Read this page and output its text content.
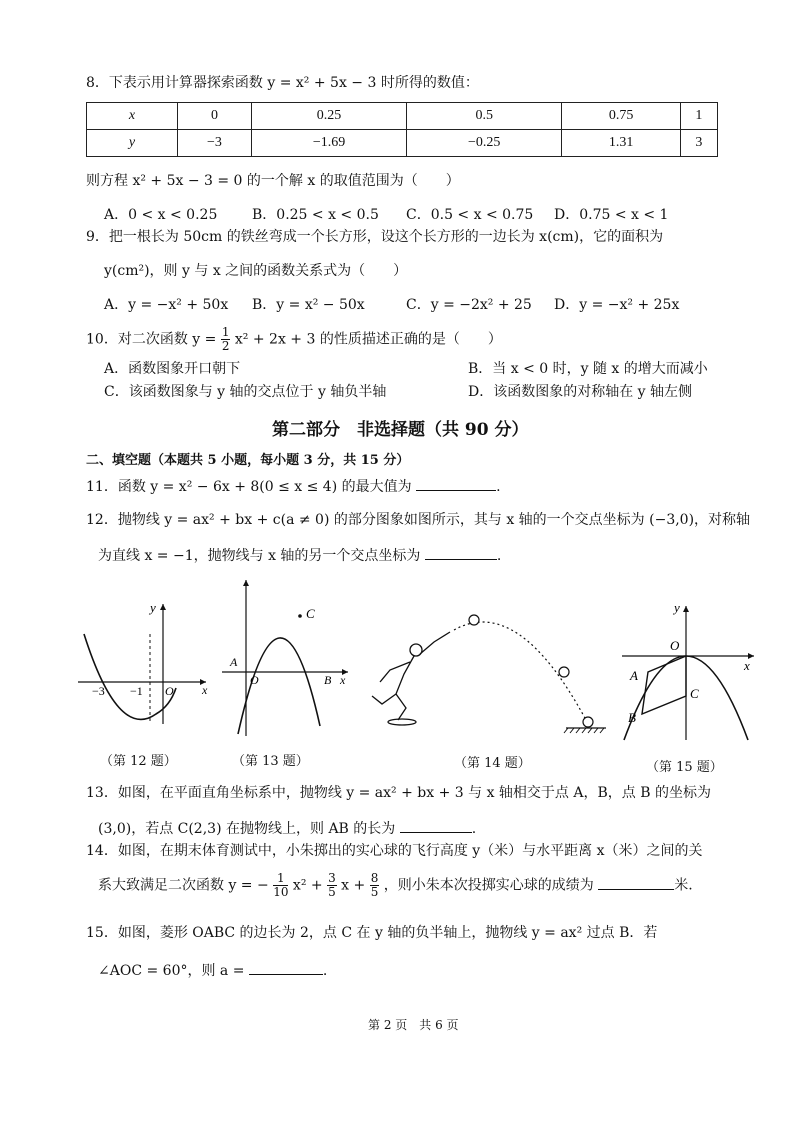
8．下表示用计算器探索函数 y = x² + 5x − 3 时所得的数值：
x	0	0.25	0.5	0.75	1
y	−3	−1.69	−0.25	1.31	3
则方程 x² + 5x − 3 = 0 的一个解 x 的取值范围为（　　）
A．0 < x < 0.25 B．0.25 < x < 0.5 C．0.5 < x < 0.75 D．0.75 < x < 1
9．把一根长为 50cm 的铁丝弯成一个长方形，设这个长方形的一边长为 x(cm)，它的面积为
y(cm²)，则 y 与 x 之间的函数关系式为（　　）
A．y = −x² + 50x B．y = x² − 50x	C．y = −2x² + 25 D．y = −x² + 25x
10．对二次函数 $y = \frac{1}{2} x^2 + 2x + 3$ 的性质描述正确的是（　　）
A．函数图象开口朝下	B．当 x < 0 时，y 随 x 的增大而减小
C．该函数图象与 y 轴的交点位于 y 轴负半轴	D．该函数图象的对称轴在 y 轴左侧
第二部分　非选择题（共 90 分）
二、填空题（本题共 5 小题，每小题 3 分，共 15 分）
11．函数 y = x² − 6x + 8(0 ≤ x ≤ 4) 的最大值为	.
12．抛物线 y = ax² + bx + c(a ≠ 0) 的部分图象如图所示，其与 x 轴的一个交点坐标为 (−3,0)，对称轴
为直线 x = −1，抛物线与 x 轴的另一个交点坐标为	.
y
x
−3 −1 O
（第 12 题）
C
A
O	B x
（第 13 题）	（第 14 题）
y
O
x
A
C
B
（第 15 题）
13．如图，在平面直角坐标系中，抛物线 y = ax² + bx + 3 与 x 轴相交于点 A，B，点 B 的坐标为
(3,0)，若点 C(2,3) 在抛物线上，则 AB 的长为	.
14．如图，在期末体育测试中，小朱掷出的实心球的飞行高度 y（米）与水平距离 x（米）之间的关
系大致满足二次函数 y = − $\frac{1}{10} x^2 + \frac{3}{5}$ $x + \frac{8}{5}$ ，则小朱本次投掷实心球的成绩为	米.
15．如图，菱形 OABC 的边长为 2，点 C 在 y 轴的负半轴上，抛物线 y = ax² 过点 B．若
∠AOC = 60°，则 a =	.
第 2 页　共 6 页
